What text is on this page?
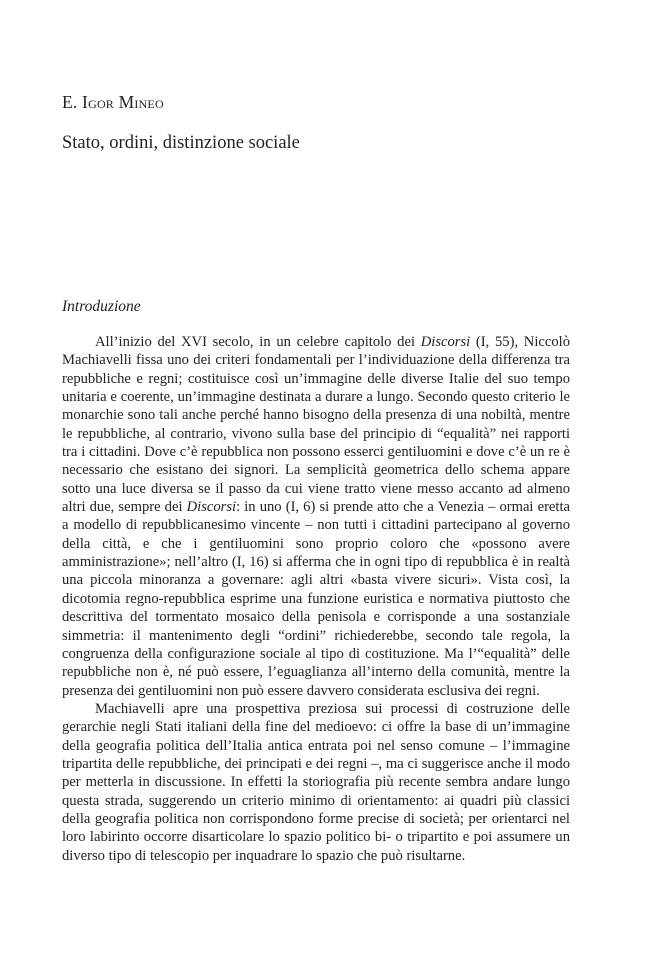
E. Igor Mineo
Stato, ordini, distinzione sociale
Introduzione

All’inizio del XVI secolo, in un celebre capitolo dei Discorsi (I, 55), Niccolò Machiavelli fissa uno dei criteri fondamentali per l’individuazione della differenza tra repubbliche e regni; costituisce così un’immagine delle diverse Italie del suo tempo unitaria e coerente, un’immagine destinata a durare a lungo. Secondo questo criterio le monarchie sono tali anche perché hanno bisogno della presenza di una nobiltà, mentre le repubbliche, al contrario, vivono sulla base del principio di “equalità” nei rapporti tra i cittadini. Dove c’è repubblica non possono esserci gentiluomini e dove c’è un re è necessario che esistano dei signori. La semplicità geometrica dello schema appare sotto una luce diversa se il passo da cui viene tratto viene messo accanto ad almeno altri due, sempre dei Discorsi: in uno (I, 6) si prende atto che a Venezia – ormai eretta a modello di repubblicanesimo vincente – non tutti i cittadini partecipano al governo della città, e che i gentiluomini sono proprio coloro che «possono avere amministrazione»; nell’altro (I, 16) si afferma che in ogni tipo di repubblica è in realtà una piccola minoranza a governare: agli altri «basta vivere sicuri». Vista così, la dicotomia regno-repubblica esprime una funzione euristica e normativa piuttosto che descrittiva del tormentato mosaico della penisola e corrisponde a una sostanziale simmetria: il mantenimento degli “ordini” richiederebbe, secondo tale regola, la congruenza della configurazione sociale al tipo di costituzione. Ma l’“equalità” delle repubbliche non è, né può essere, l’eguaglianza all’interno della comunità, mentre la presenza dei gentiluomini non può essere davvero considerata esclusiva dei regni.

Machiavelli apre una prospettiva preziosa sui processi di costruzione delle gerarchie negli Stati italiani della fine del medioevo: ci offre la base di un’immagine della geografia politica dell’Italia antica entrata poi nel senso comune – l’immagine tripartita delle repubbliche, dei principati e dei regni –, ma ci suggerisce anche il modo per metterla in discussione. In effetti la storiografia più recente sembra andare lungo questa strada, suggerendo un criterio minimo di orientamento: ai quadri più classici della geografia politica non corrispondono forme precise di società; per orientarci nel loro labirinto occorre disarticolare lo spazio politico bi- o tripartito e poi assumere un diverso tipo di telescopio per inquadrare lo spazio che può risultarne.
